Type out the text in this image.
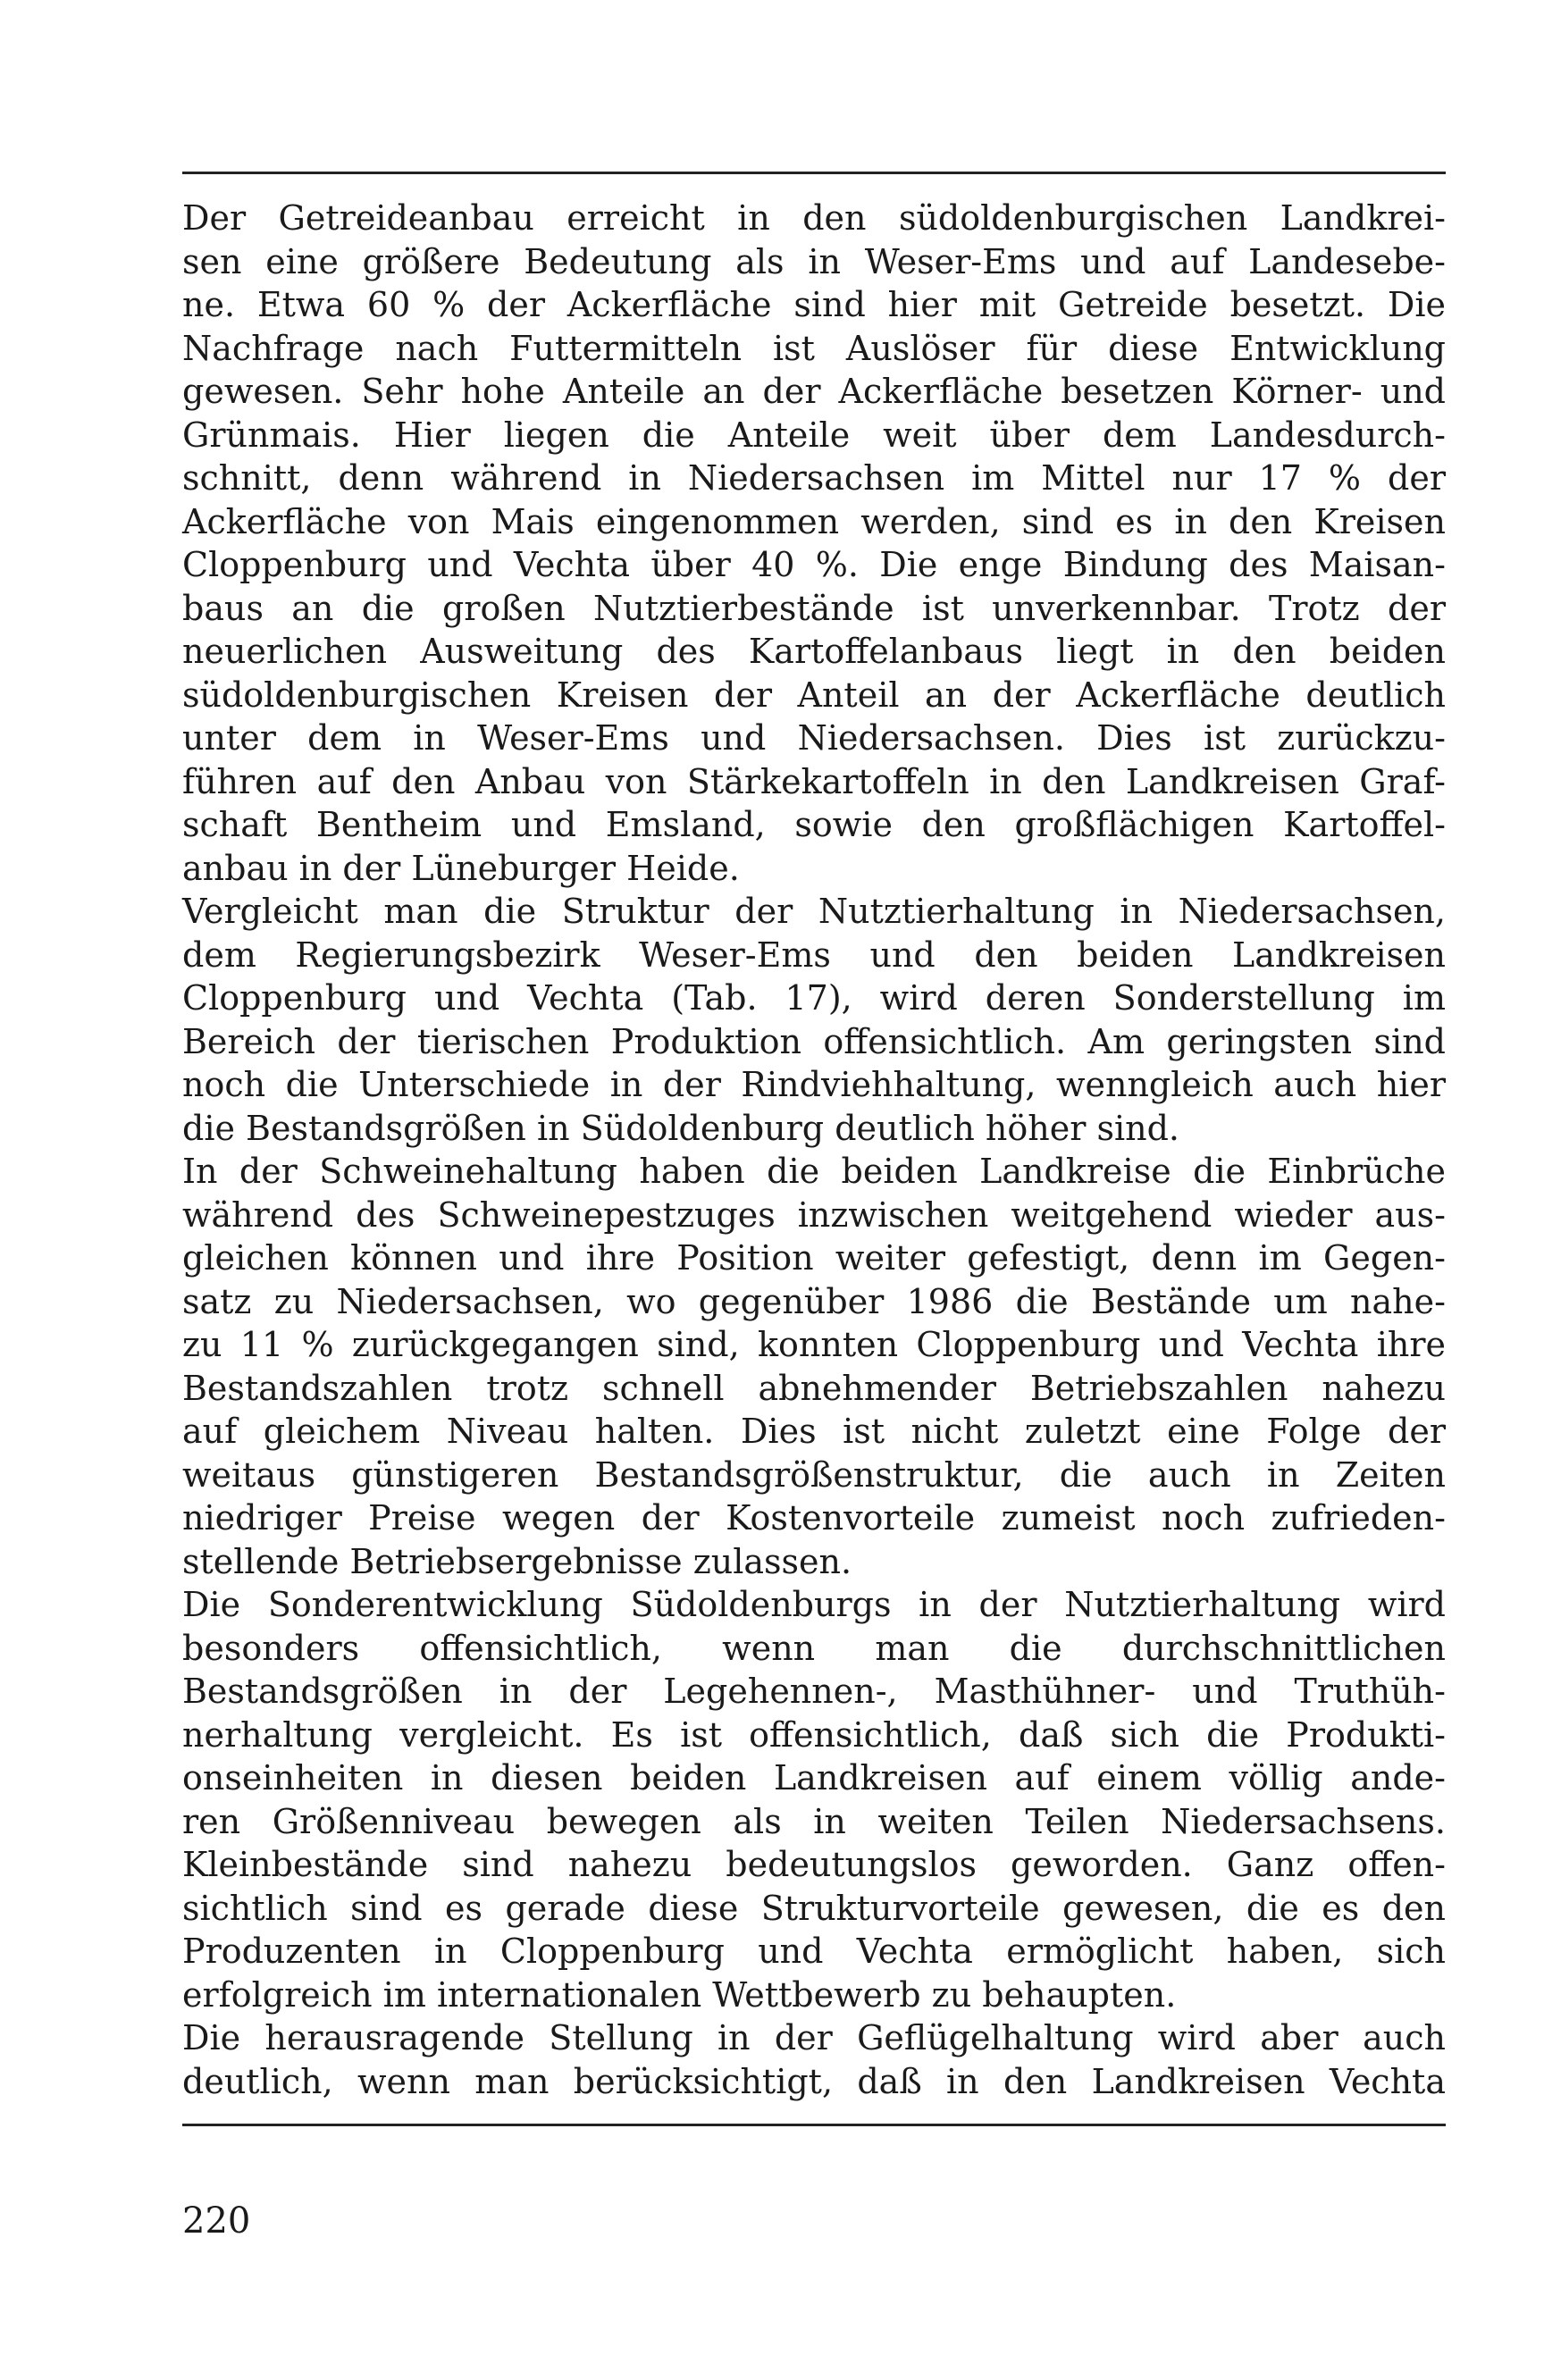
Der Getreideanbau erreicht in den südoldenburgischen Landkrei-
sen eine größere Bedeutung als in Weser-Ems und auf Landesebe-
ne. Etwa 60 % der Ackerfläche sind hier mit Getreide besetzt. Die
Nachfrage nach Futtermitteln ist Auslöser für diese Entwicklung
gewesen. Sehr hohe Anteile an der Ackerfläche besetzen Körner- und
Grünmais. Hier liegen die Anteile weit über dem Landesdurch-
schnitt, denn während in Niedersachsen im Mittel nur 17 % der
Ackerfläche von Mais eingenommen werden, sind es in den Kreisen
Cloppenburg und Vechta über 40 %. Die enge Bindung des Maisan-
baus an die großen Nutztierbestände ist unverkennbar. Trotz der
neuerlichen Ausweitung des Kartoffelanbaus liegt in den beiden
südoldenburgischen Kreisen der Anteil an der Ackerfläche deutlich
unter dem in Weser-Ems und Niedersachsen. Dies ist zurückzu-
führen auf den Anbau von Stärkekartoffeln in den Landkreisen Graf-
schaft Bentheim und Emsland, sowie den großflächigen Kartoffel-
anbau in der Lüneburger Heide.
Vergleicht man die Struktur der Nutztierhaltung in Niedersachsen,
dem Regierungsbezirk Weser-Ems und den beiden Landkreisen
Cloppenburg und Vechta (Tab. 17), wird deren Sonderstellung im
Bereich der tierischen Produktion offensichtlich. Am geringsten sind
noch die Unterschiede in der Rindviehhaltung, wenngleich auch hier
die Bestandsgrößen in Südoldenburg deutlich höher sind.
In der Schweinehaltung haben die beiden Landkreise die Einbrüche
während des Schweinepestzuges inzwischen weitgehend wieder aus-
gleichen können und ihre Position weiter gefestigt, denn im Gegen-
satz zu Niedersachsen, wo gegenüber 1986 die Bestände um nahe-
zu 11 % zurückgegangen sind, konnten Cloppenburg und Vechta ihre
Bestandszahlen trotz schnell abnehmender Betriebszahlen nahezu
auf gleichem Niveau halten. Dies ist nicht zuletzt eine Folge der
weitaus günstigeren Bestandsgrößenstruktur, die auch in Zeiten
niedriger Preise wegen der Kostenvorteile zumeist noch zufrieden-
stellende Betriebsergebnisse zulassen.
Die Sonderentwicklung Südoldenburgs in der Nutztierhaltung wird
besonders offensichtlich, wenn man die durchschnittlichen
Bestandsgrößen in der Legehennen-, Masthühner- und Truthüh-
nerhaltung vergleicht. Es ist offensichtlich, daß sich die Produkti-
onseinheiten in diesen beiden Landkreisen auf einem völlig ande-
ren Größenniveau bewegen als in weiten Teilen Niedersachsens.
Kleinbestände sind nahezu bedeutungslos geworden. Ganz offen-
sichtlich sind es gerade diese Strukturvorteile gewesen, die es den
Produzenten in Cloppenburg und Vechta ermöglicht haben, sich
erfolgreich im internationalen Wettbewerb zu behaupten.
Die herausragende Stellung in der Geflügelhaltung wird aber auch
deutlich, wenn man berücksichtigt, daß in den Landkreisen Vechta
220
